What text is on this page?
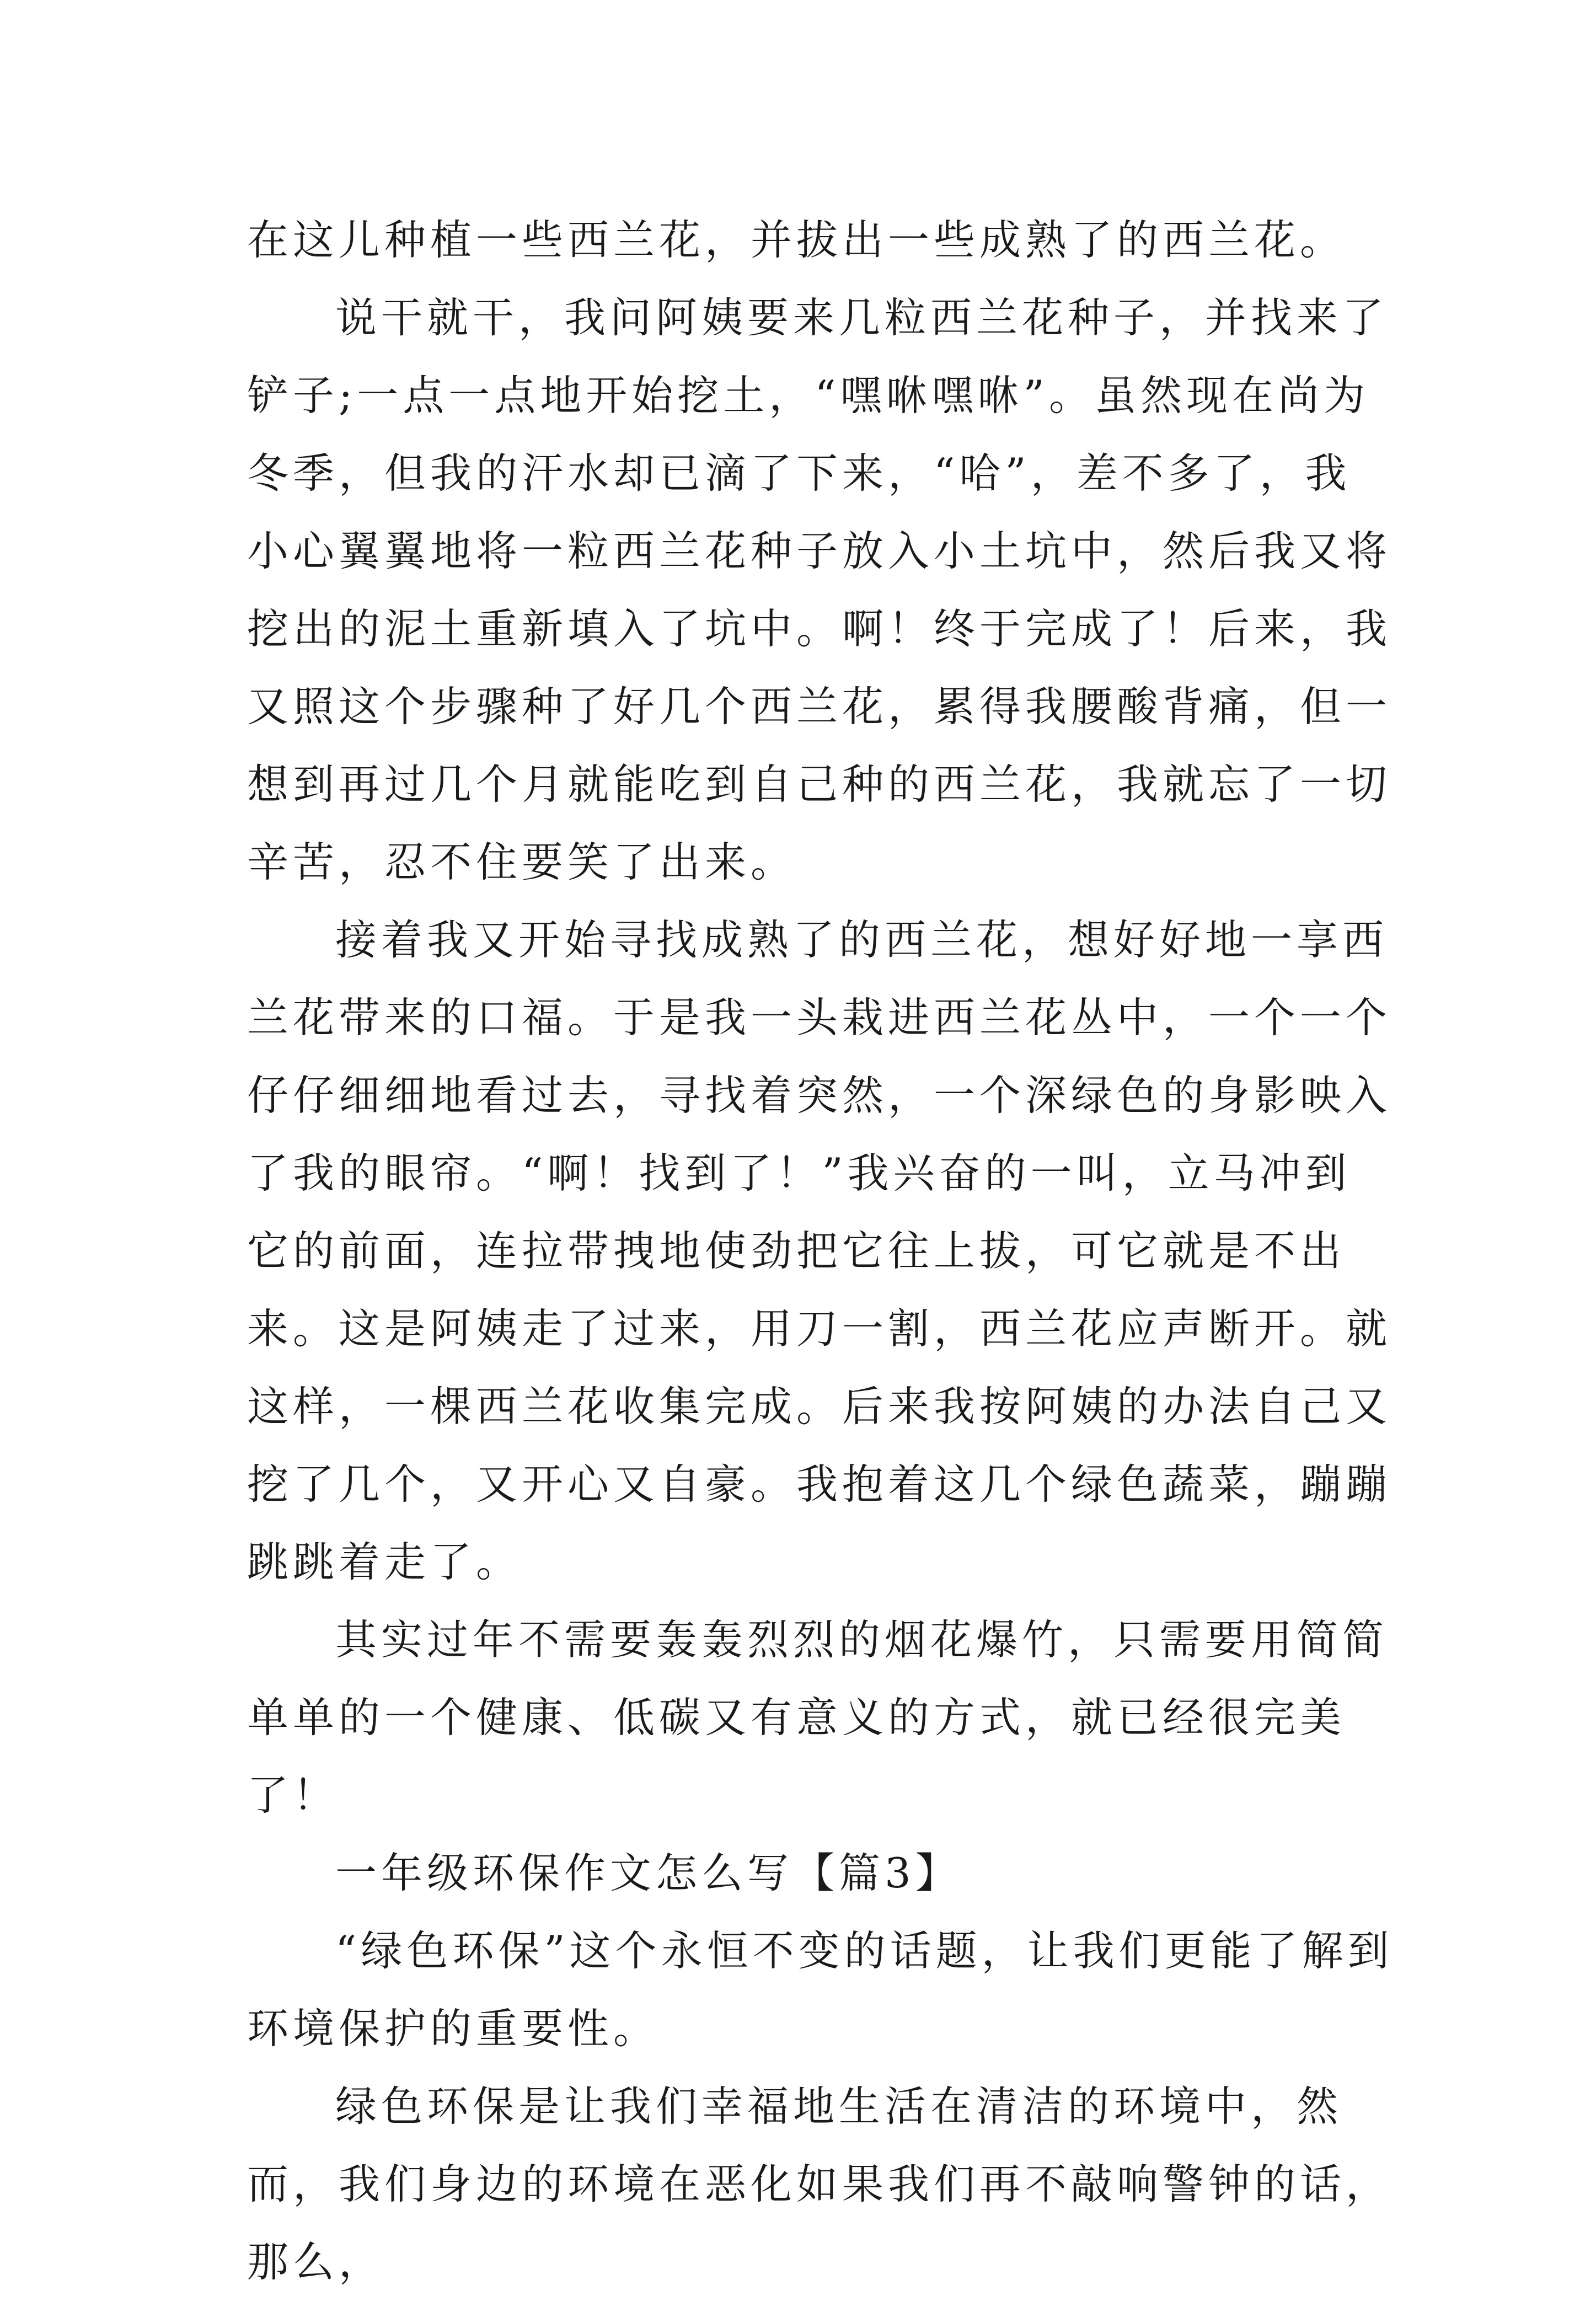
在这儿种植一些西兰花，并拔出一些成熟了的西兰花。

说干就干，我问阿姨要来几粒西兰花种子，并找来了铲子;一点一点地开始挖土，“嘿咻嘿咻”。虽然现在尚为冬季，但我的汗水却已滴了下来，“哈”，差不多了，我小心翼翼地将一粒西兰花种子放入小土坑中，然后我又将挖出的泥土重新填入了坑中。啊！终于完成了！后来，我又照这个步骤种了好几个西兰花，累得我腰酸背痛，但一想到再过几个月就能吃到自己种的西兰花，我就忘了一切辛苦，忍不住要笑了出来。

接着我又开始寻找成熟了的西兰花，想好好地一享西兰花带来的口福。于是我一头栽进西兰花丛中，一个一个仔仔细细地看过去，寻找着突然，一个深绿色的身影映入了我的眼帘。“啊！找到了！”我兴奋的一叫，立马冲到它的前面，连拉带拽地使劲把它往上拔，可它就是不出来。这是阿姨走了过来，用刀一割，西兰花应声断开。就这样，一棵西兰花收集完成。后来我按阿姨的办法自己又挖了几个，又开心又自豪。我抱着这几个绿色蔬菜，蹦蹦跳跳着走了。

其实过年不需要轰轰烈烈的烟花爆竹，只需要用简简单单的一个健康、低碳又有意义的方式，就已经很完美了！

一年级环保作文怎么写【篇3】

“绿色环保”这个永恒不变的话题，让我们更能了解到环境保护的重要性。

绿色环保是让我们幸福地生活在清洁的环境中，然而，我们身边的环境在恶化如果我们再不敲响警钟的话，那么，
